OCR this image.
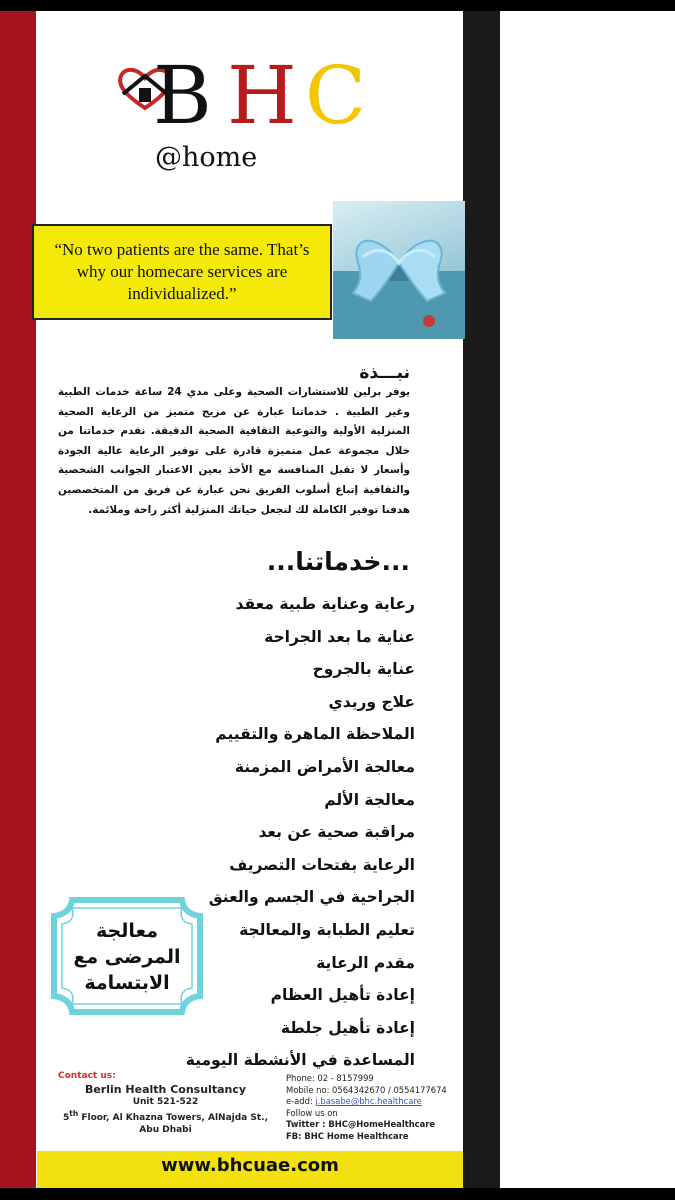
B H C
@home
“No two patients are the same. That’s why our homecare services are individualized.”
نبـــذة
يوفر برلين للاستشارات الصحية وعلى مدي 24 ساعة خدمات الطبية وغير الطبية . خدماتنا عبارة عن مزيج متميز من الرعاية الصحية المنزلية الأولية والتوعية الثقافية الصحية الدقيقة. نقدم خدماتنا من خلال مجموعة عمل متميزة قادرة على توفير الرعاية عالية الجودة وأسعار لا تقبل المنافسة مع الأخذ بعين الاعتبار الجوانب الشخصية والثقافية إتباع أسلوب الفريق نحن عبارة عن فريق من المتخصصين هدفنا توفير الكاملة لك لنجعل حياتك المنزلية أكثر راحة وملائمة.
...خدماتنا...
رعاية وعناية طبية معقد
عناية ما بعد الجراحة
عناية بالجروح
علاج وريدي
الملاحظة الماهرة والتقييم
معالجة الأمراض المزمنة
معالجة الألم
مراقبة صحية عن بعد
الرعاية بفتحات التصريف
الجراحية في الجسم والعنق
تعليم الطبابة والمعالجة
مقدم الرعاية
إعادة تأهيل العظام
إعادة تأهيل جلطة
المساعدة في الأنشطة اليومية
معالجة
المرضى مع
الابتسامة
Contact us:
Berlin Health Consultancy
Unit 521-522
5th Floor, Al Khazna Towers, AlNajda St.,
Abu Dhabi
Phone: 02 - 8157999
Mobile no: 0564342670 / 0554177674
e-add: j.basabe@bhc.healthcare
Follow us on
Twitter : BHC@HomeHealthcare
FB: BHC Home Healthcare
www.bhcuae.com
